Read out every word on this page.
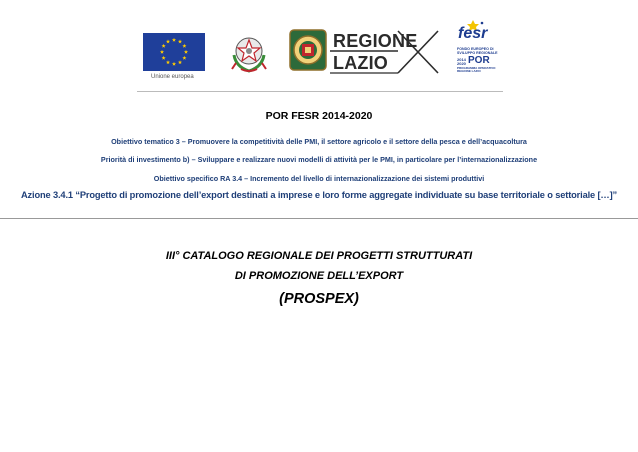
Unione europea
REGIONE
LAZIO
fesr
FONDO EUROPEO DI
SVILUPPO REGIONALE
2014
2020
PROGRAMMA OPERATIVO
REGIONE LAZIO
POR

POR FESR 2014-2020

Obiettivo tematico 3 – Promuovere la competitività delle PMI, il settore agricolo e il settore della pesca e dell’acquacoltura

Priorità di investimento b) – Sviluppare e realizzare nuovi modelli di attività per le PMI, in particolare per l’internazionalizzazione

Obiettivo specifico RA 3.4 – Incremento del livello di internazionalizzazione dei sistemi produttivi

Azione 3.4.1 “Progetto di promozione dell’export destinati a imprese e loro forme aggregate individuate su base territoriale o settoriale […]”

III° CATALOGO REGIONALE DEI PROGETTI STRUTTURATI

DI PROMOZIONE DELL’EXPORT

(PROSPEX)
